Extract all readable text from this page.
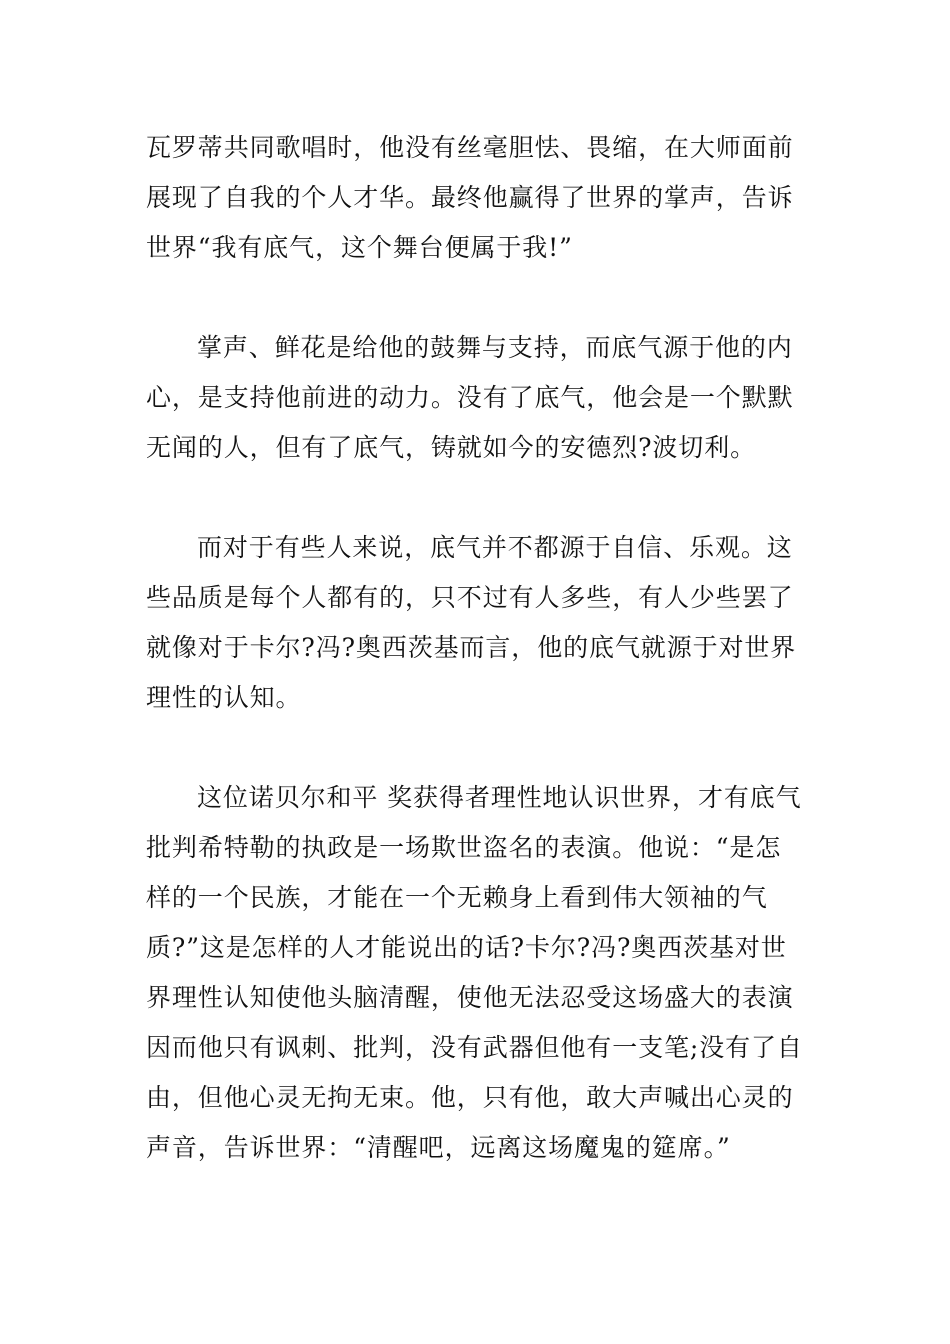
瓦罗蒂共同歌唱时，他没有丝毫胆怯、畏缩，在大师面前

展现了自我的个人才华。最终他赢得了世界的掌声，告诉

世界“我有底气，这个舞台便属于我!”

掌声、鲜花是给他的鼓舞与支持，而底气源于他的内

心，是支持他前进的动力。没有了底气，他会是一个默默

无闻的人，但有了底气，铸就如今的安德烈?波切利。

而对于有些人来说，底气并不都源于自信、乐观。这

些品质是每个人都有的，只不过有人多些，有人少些罢了

就像对于卡尔?冯?奥西茨基而言，他的底气就源于对世界

理性的认知。

这位诺贝尔和平 奖获得者理性地认识世界，才有底气

批判希特勒的执政是一场欺世盗名的表演。他说：“是怎

样的一个民族，才能在一个无赖身上看到伟大领袖的气

质?”这是怎样的人才能说出的话?卡尔?冯?奥西茨基对世

界理性认知使他头脑清醒，使他无法忍受这场盛大的表演

因而他只有讽刺、批判，没有武器但他有一支笔;没有了自

由，但他心灵无拘无束。他，只有他，敢大声喊出心灵的

声音，告诉世界：“清醒吧，远离这场魔鬼的筵席。”
